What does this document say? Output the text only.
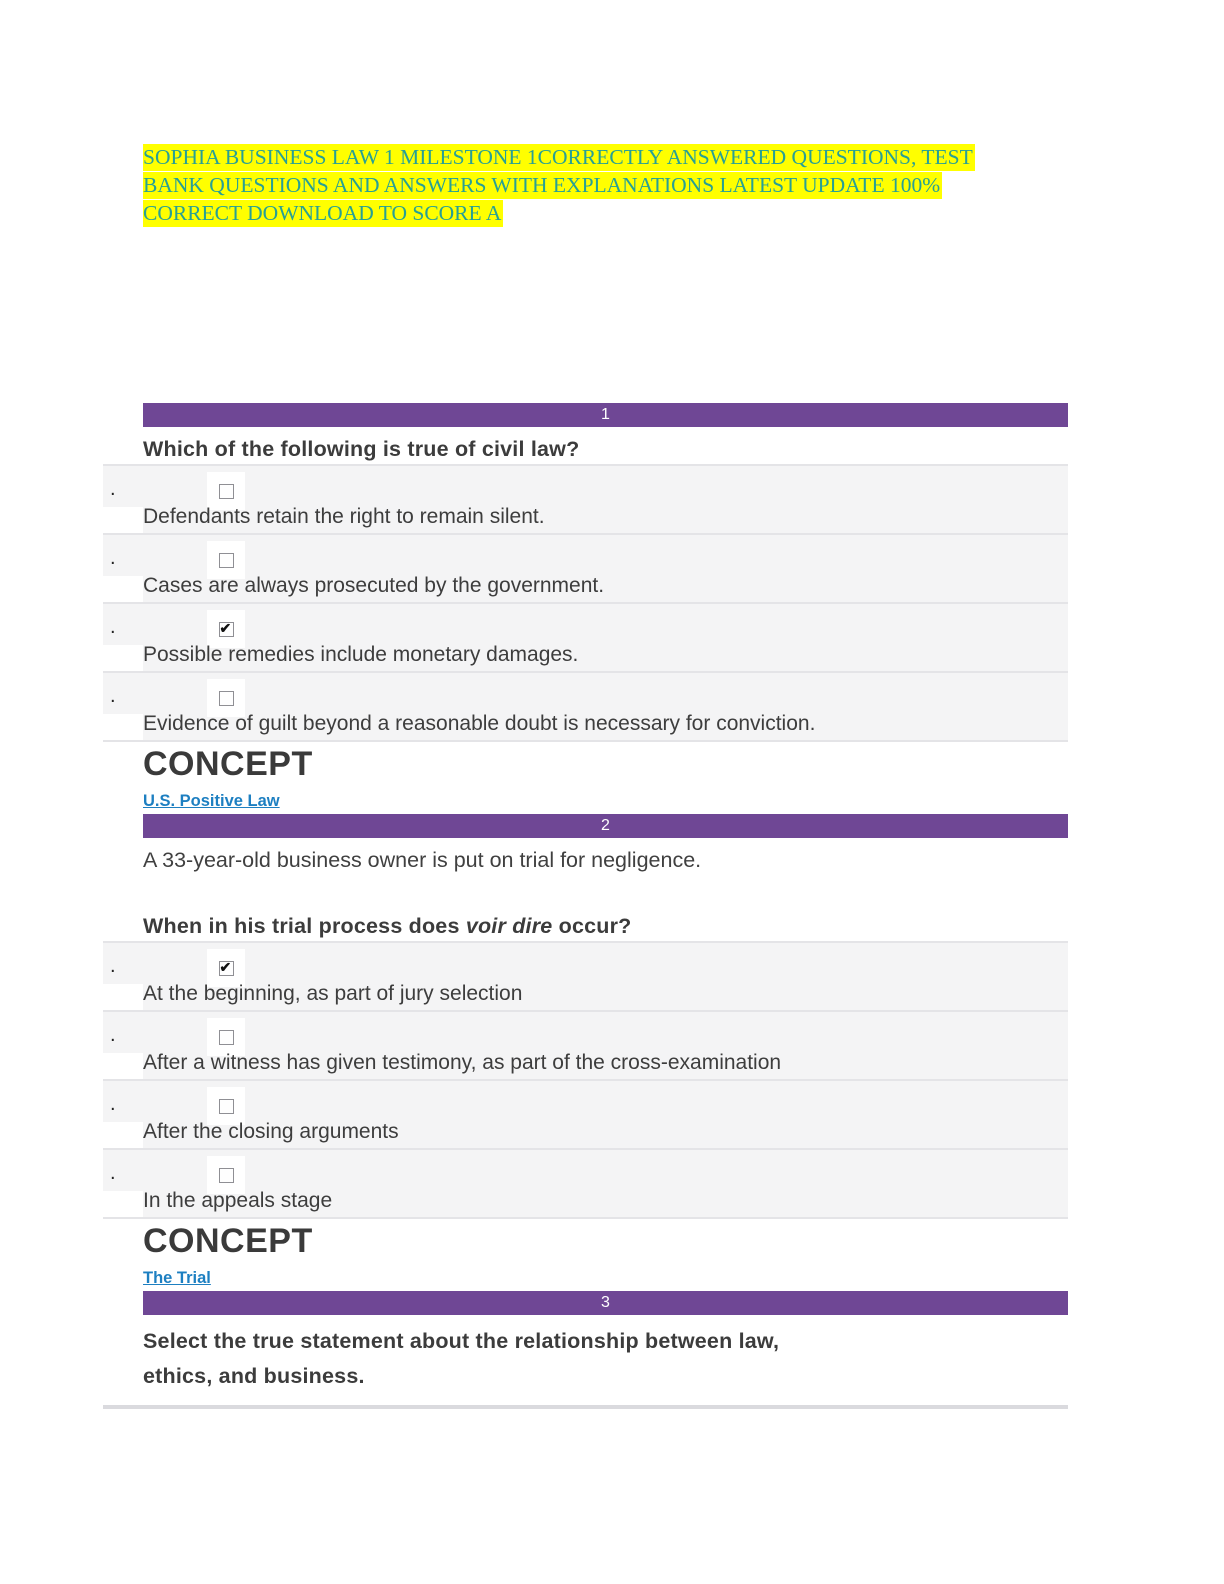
SOPHIA BUSINESS LAW 1 MILESTONE 1CORRECTLY ANSWERED QUESTIONS, TEST
BANK QUESTIONS AND ANSWERS WITH EXPLANATIONS LATEST UPDATE 100%
CORRECT DOWNLOAD TO SCORE A
1
Which of the following is true of civil law?
.
Defendants retain the right to remain silent.
.
Cases are always prosecuted by the government.
.
✔
Possible remedies include monetary damages.
.
Evidence of guilt beyond a reasonable doubt is necessary for conviction.
CONCEPT
U.S. Positive Law
2

A 33-year-old business owner is put on trial for negligence.

When in his trial process does voir dire occur?
.
✔
At the beginning, as part of jury selection
.
After a witness has given testimony, as part of the cross-examination
.
After the closing arguments
.
In the appeals stage
CONCEPT
The Trial
3
Select the true statement about the relationship between law,
ethics, and business.
